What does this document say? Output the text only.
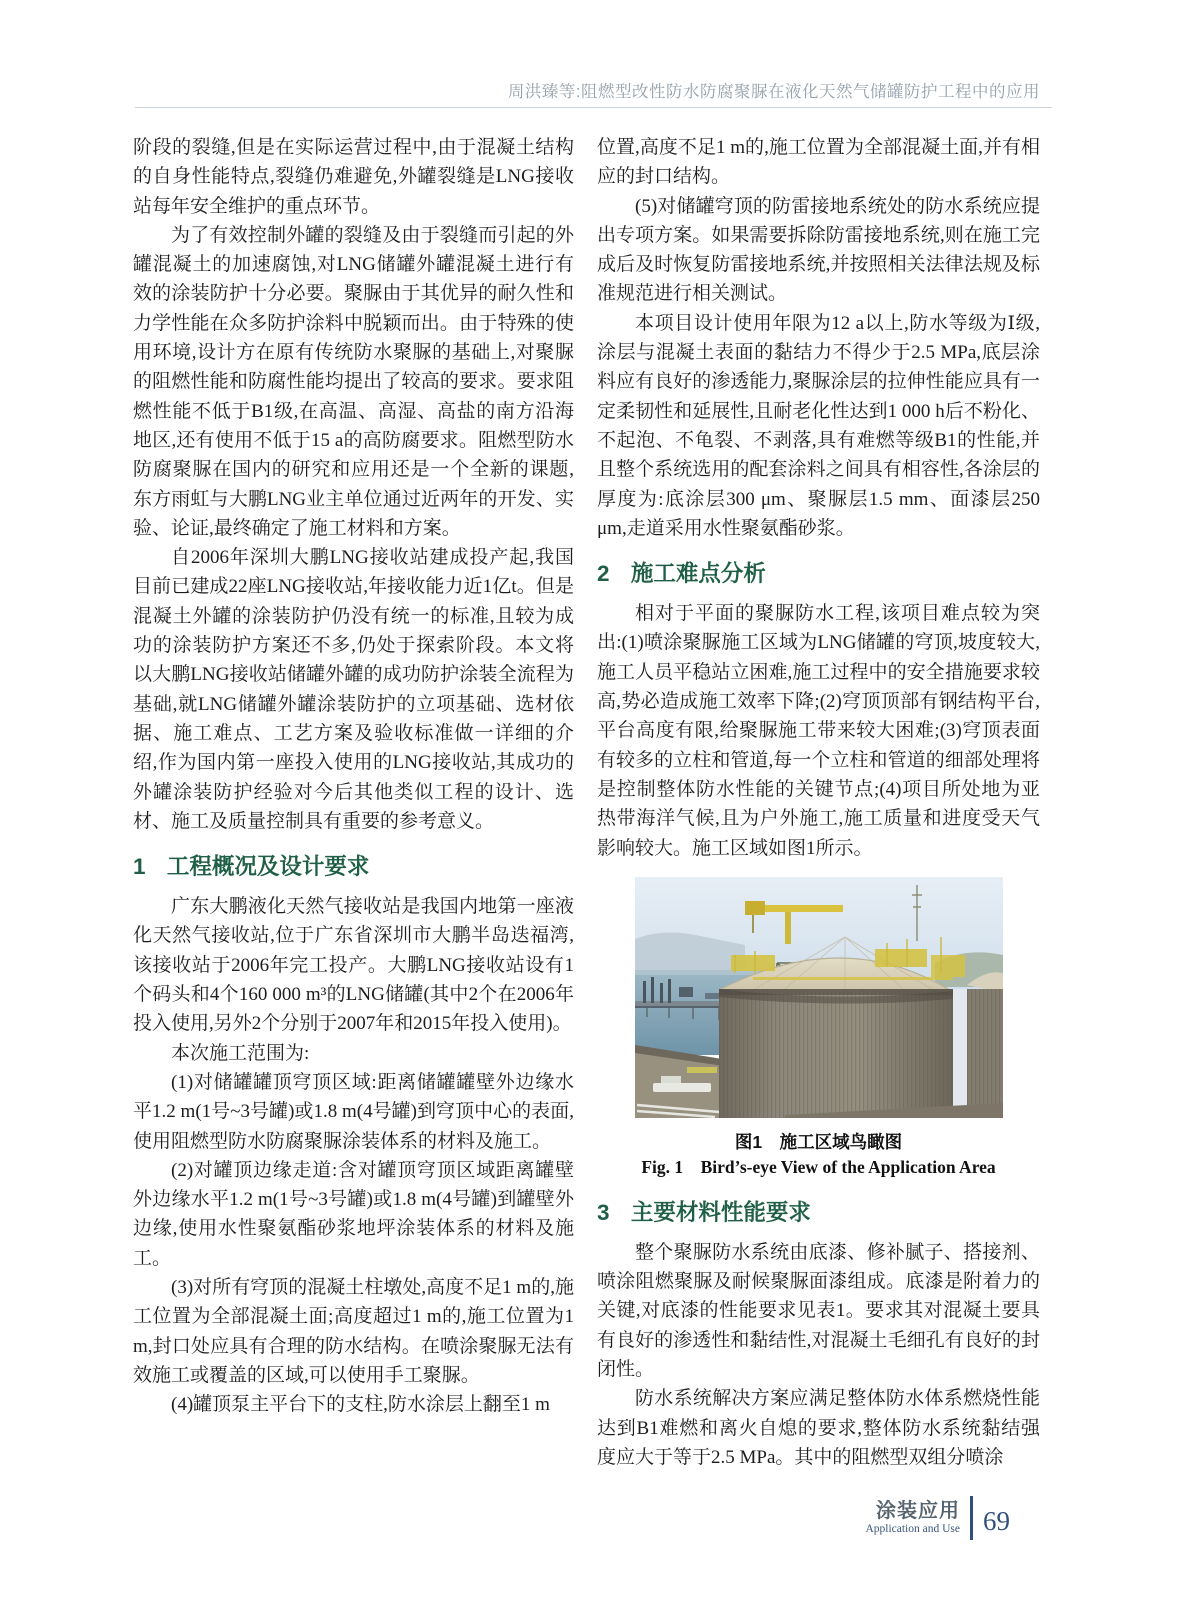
周洪臻等:阻燃型改性防水防腐聚脲在液化天然气储罐防护工程中的应用

阶段的裂缝,但是在实际运营过程中,由于混凝土结构的自身性能特点,裂缝仍难避免,外罐裂缝是LNG接收站每年安全维护的重点环节。

为了有效控制外罐的裂缝及由于裂缝而引起的外罐混凝土的加速腐蚀,对LNG储罐外罐混凝土进行有效的涂装防护十分必要。聚脲由于其优异的耐久性和力学性能在众多防护涂料中脱颖而出。由于特殊的使用环境,设计方在原有传统防水聚脲的基础上,对聚脲的阻燃性能和防腐性能均提出了较高的要求。要求阻燃性能不低于B1级,在高温、高湿、高盐的南方沿海地区,还有使用不低于15 a的高防腐要求。阻燃型防水防腐聚脲在国内的研究和应用还是一个全新的课题,东方雨虹与大鹏LNG业主单位通过近两年的开发、实验、论证,最终确定了施工材料和方案。

自2006年深圳大鹏LNG接收站建成投产起,我国目前已建成22座LNG接收站,年接收能力近1亿t。但是混凝土外罐的涂装防护仍没有统一的标准,且较为成功的涂装防护方案还不多,仍处于探索阶段。本文将以大鹏LNG接收站储罐外罐的成功防护涂装全流程为基础,就LNG储罐外罐涂装防护的立项基础、选材依据、施工难点、工艺方案及验收标准做一详细的介绍,作为国内第一座投入使用的LNG接收站,其成功的外罐涂装防护经验对今后其他类似工程的设计、选材、施工及质量控制具有重要的参考意义。

1 工程概况及设计要求

广东大鹏液化天然气接收站是我国内地第一座液化天然气接收站,位于广东省深圳市大鹏半岛迭福湾,该接收站于2006年完工投产。大鹏LNG接收站设有1个码头和4个160 000 m³的LNG储罐(其中2个在2006年投入使用,另外2个分别于2007年和2015年投入使用)。

本次施工范围为:

(1)对储罐罐顶穹顶区域:距离储罐罐壁外边缘水平1.2 m(1号~3号罐)或1.8 m(4号罐)到穹顶中心的表面,使用阻燃型防水防腐聚脲涂装体系的材料及施工。

(2)对罐顶边缘走道:含对罐顶穹顶区域距离罐壁外边缘水平1.2 m(1号~3号罐)或1.8 m(4号罐)到罐壁外边缘,使用水性聚氨酯砂浆地坪涂装体系的材料及施工。

(3)对所有穹顶的混凝土柱墩处,高度不足1 m的,施工位置为全部混凝土面;高度超过1 m的,施工位置为1 m,封口处应具有合理的防水结构。在喷涂聚脲无法有效施工或覆盖的区域,可以使用手工聚脲。

(4)罐顶泵主平台下的支柱,防水涂层上翻至1 m

位置,高度不足1 m的,施工位置为全部混凝土面,并有相应的封口结构。

(5)对储罐穹顶的防雷接地系统处的防水系统应提出专项方案。如果需要拆除防雷接地系统,则在施工完成后及时恢复防雷接地系统,并按照相关法律法规及标准规范进行相关测试。

本项目设计使用年限为12 a以上,防水等级为Ⅰ级,涂层与混凝土表面的黏结力不得少于2.5 MPa,底层涂料应有良好的渗透能力,聚脲涂层的拉伸性能应具有一定柔韧性和延展性,且耐老化性达到1 000 h后不粉化、不起泡、不龟裂、不剥落,具有难燃等级B1的性能,并且整个系统选用的配套涂料之间具有相容性,各涂层的厚度为:底涂层300 μm、聚脲层1.5 mm、面漆层250 μm,走道采用水性聚氨酯砂浆。

2 施工难点分析

相对于平面的聚脲防水工程,该项目难点较为突出:(1)喷涂聚脲施工区域为LNG储罐的穹顶,坡度较大,施工人员平稳站立困难,施工过程中的安全措施要求较高,势必造成施工效率下降;(2)穹顶顶部有钢结构平台,平台高度有限,给聚脲施工带来较大困难;(3)穹顶表面有较多的立柱和管道,每一个立柱和管道的细部处理将是控制整体防水性能的关键节点;(4)项目所处地为亚热带海洋气候,且为户外施工,施工质量和进度受天气影响较大。施工区域如图1所示。

图1　施工区域鸟瞰图
Fig. 1　Bird’s-eye View of the Application Area
3 主要材料性能要求

整个聚脲防水系统由底漆、修补腻子、搭接剂、喷涂阻燃聚脲及耐候聚脲面漆组成。底漆是附着力的关键,对底漆的性能要求见表1。要求其对混凝土要具有良好的渗透性和黏结性,对混凝土毛细孔有良好的封闭性。

防水系统解决方案应满足整体防水体系燃烧性能达到B1难燃和离火自熄的要求,整体防水系统黏结强度应大于等于2.5 MPa。其中的阻燃型双组分喷涂

涂装应用
Application and Use 69
